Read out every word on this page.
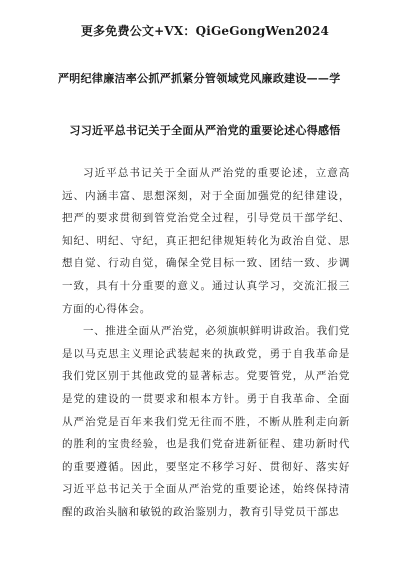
更多免费公文+VX：QiGeGongWen2024
严明纪律廉洁率公抓严抓紧分管领域党风廉政建设——学
习习近平总书记关于全面从严治党的重要论述心得感悟

习近平总书记关于全面从严治党的重要论述，立意高远、内涵丰富、思想深刻，对于全面加强党的纪律建设，把严的要求贯彻到管党治党全过程，引导党员干部学纪、知纪、明纪、守纪，真正把纪律规矩转化为政治自觉、思想自觉、行动自觉，确保全党目标一致、团结一致、步调一致，具有十分重要的意义。通过认真学习，交流汇报三方面的心得体会。

一、推进全面从严治党，必须旗帜鲜明讲政治。我们党是以马克思主义理论武装起来的执政党，勇于自我革命是我们党区别于其他政党的显著标志。党要管党，从严治党是党的建设的一贯要求和根本方针。勇于自我革命、全面从严治党是百年来我们党无往而不胜，不断从胜利走向新的胜利的宝贵经验，也是我们党奋进新征程、建功新时代的重要遵循。因此，要坚定不移学习好、贯彻好、落实好习近平总书记关于全面从严治党的重要论述，始终保持清醒的政治头脑和敏锐的政治鉴别力，教育引导党员干部忠
